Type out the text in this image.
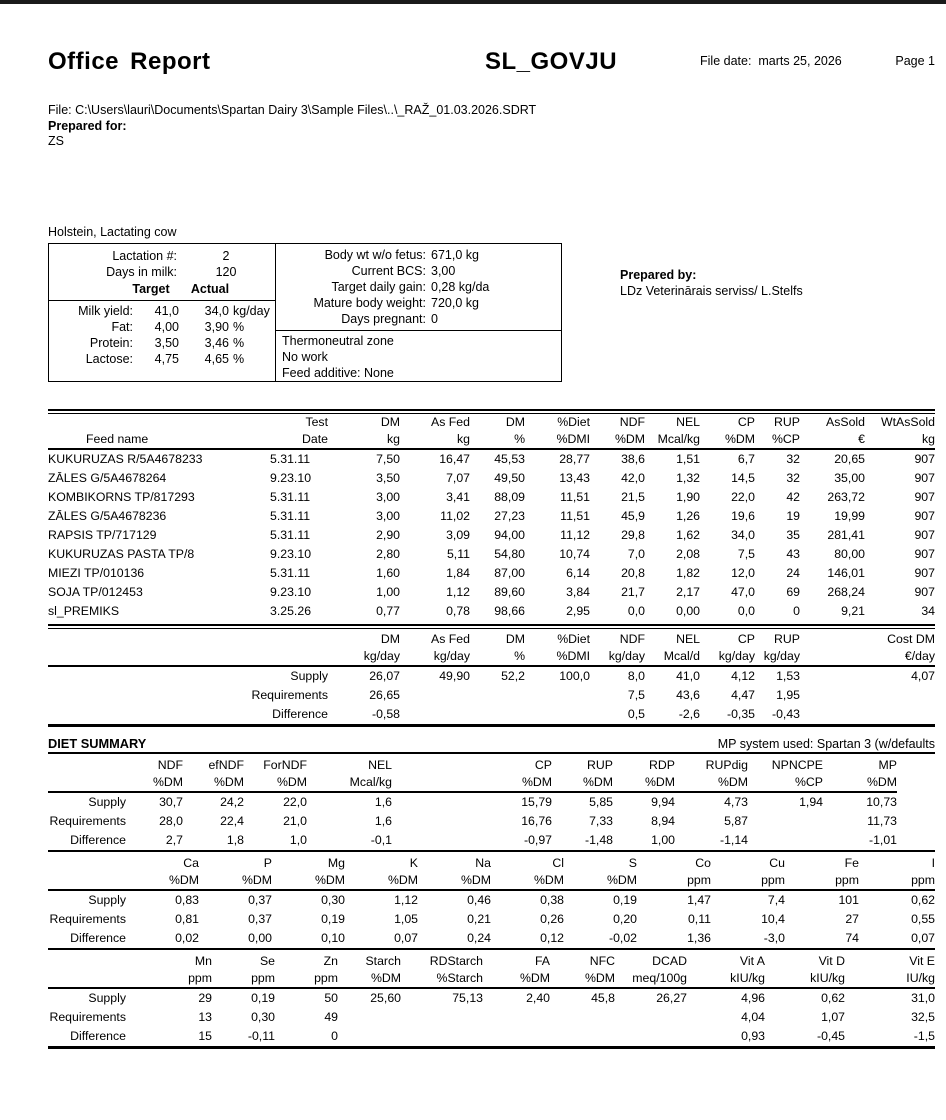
Office Report	SL_GOVJU	File date: marts 25, 2026	Page 1
File: C:\Users\lauri\Documents\Spartan Dairy 3\Sample Files\..\_RAŽ_01.03.2026.SDRT
Prepared for:
ZS
Holstein, Lactating cow
Lactation #:	2
Days in milk:	120
Target	Actual
Milk yield:	41,0	34,0 kg/day
Fat:	4,00	3,90 %
Protein:	3,50	3,46 %
Lactose:	4,75	4,65 %
Body wt w/o fetus: 671,0 kg
Current BCS: 3,00
Target daily gain: 0,28 kg/da
Mature body weight: 720,0 kg
Days pregnant: 0
Thermoneutral zone
No work
Feed additive: None
Prepared by:
LDz Veterinārais serviss/ L.Stelfs
	Test	DM	As Fed	DM	%Diet	NDF	NEL	CP	RUP	AsSold	WtAsSold
Feed name	Date	kg	kg	%	%DMI	%DM	Mcal/kg	%DM	%CP	€	kg
KUKURUZAS R/5A4678233	5.31.11	7,50	16,47	45,53	28,77	38,6	1,51	6,7	32	20,65	907
ZĀLES G/5A4678264	9.23.10	3,50	7,07	49,50	13,43	42,0	1,32	14,5	32	35,00	907
KOMBIKORNS TP/817293	5.31.11	3,00	3,41	88,09	11,51	21,5	1,90	22,0	42	263,72	907
ZĀLES G/5A4678236	5.31.11	3,00	11,02	27,23	11,51	45,9	1,26	19,6	19	19,99	907
RAPSIS TP/717129	5.31.11	2,90	3,09	94,00	11,12	29,8	1,62	34,0	35	281,41	907
KUKURUZAS PASTA TP/8	9.23.10	2,80	5,11	54,80	10,74	7,0	2,08	7,5	43	80,00	907
MIEZI TP/010136	5.31.11	1,60	1,84	87,00	6,14	20,8	1,82	12,0	24	146,01	907
SOJA TP/012453	9.23.10	1,00	1,12	89,60	3,84	21,7	2,17	47,0	69	268,24	907
sl_PREMIKS	3.25.26	0,77	0,78	98,66	2,95	0,0	0,00	0,0	0	9,21	34

		DM	As Fed	DM	%Diet	NDF	NEL	CP	RUP	Cost DM	
		kg/day	kg/day	%	%DMI	kg/day	Mcal/d	kg/day	kg/day	€/day	
Supply		26,07	49,90	52,2	100,0	8,0	41,0	4,12	1,53	4,07	
Requirements		26,65				7,5	43,6	4,47	1,95		
Difference		-0,58				0,5	-2,6	-0,35	-0,43		
DIET SUMMARY	MP system used: Spartan 3 (w/defaults
	NDF	efNDF	ForNDF	NEL	CP	RUP	RDP	RUPdig	NPNCPE	MP
	%DM	%DM	%DM	Mcal/kg	%DM	%DM	%DM	%DM	%CP	%DM
Supply	30,7	24,2	22,0	1,6	15,79	5,85	9,94	4,73	1,94	10,73
Requirements	28,0	22,4	21,0	1,6	16,76	7,33	8,94	5,87		11,73
Difference	2,7	1,8	1,0	-0,1	-0,97	-1,48	1,00	-1,14		-1,01
	Ca	P	Mg	K	Na	Cl	S	Co	Cu	Fe	I
	%DM	%DM	%DM	%DM	%DM	%DM	%DM	ppm	ppm	ppm	ppm
Supply	0,83	0,37	0,30	1,12	0,46	0,38	0,19	1,47	7,4	101	0,62
Requirements	0,81	0,37	0,19	1,05	0,21	0,26	0,20	0,11	10,4	27	0,55
Difference	0,02	0,00	0,10	0,07	0,24	0,12	-0,02	1,36	-3,0	74	0,07
	Mn	Se	Zn	Starch	RDStarch	FA	NFC	DCAD	Vit A	Vit D	Vit E
	ppm	ppm	ppm	%DM	%Starch	%DM	%DM	meq/100g	kIU/kg	kIU/kg	IU/kg
Supply	29	0,19	50	25,60	75,13	2,40	45,8	26,27	4,96	0,62	31,0
Requirements	13	0,30	49						4,04	1,07	32,5
Difference	15	-0,11	0						0,93	-0,45	-1,5
